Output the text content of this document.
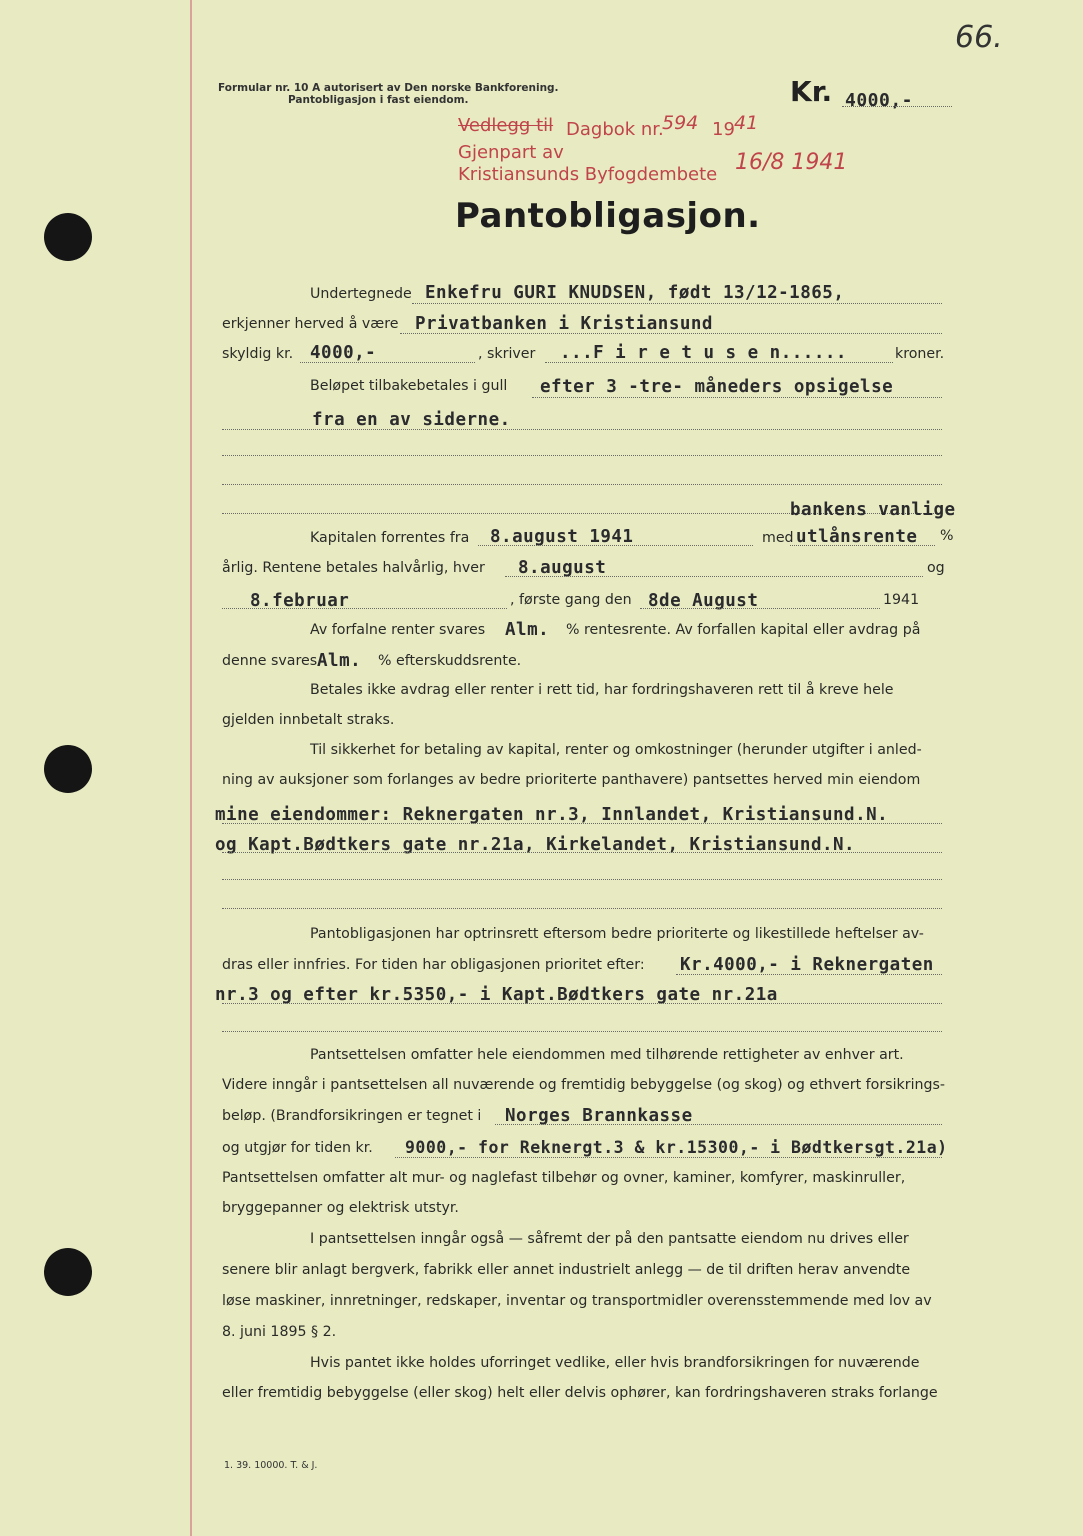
Formular nr. 10 A autorisert av Den norske Bankforening.
Pantobligasjon i fast eiendom.	Kr. 4000,-
66.
Vedlegg til Dagbok nr.
594 19 41
Gjenpart av
Kristiansunds Byfogdembete 16/8 1941
Pantobligasjon.
Undertegnede Enkefru GURI KNUDSEN, født 13/12-1865,
erkjenner herved å være Privatbanken i Kristiansund
skyldig kr. 4000,-	, skriver ...F i r e t u s e n......	kroner.
Beløpet tilbakebetales i gull efter 3 -tre- måneders opsigelse
fra en av siderne.
bankens vanlige
Kapitalen forrentes fra 8.august 1941	med utlånsrente %
årlig. Rentene betales halvårlig, hver 8.august	og
8.februar	, første gang den 8de August	1941
Av forfalne renter svares Alm. % rentesrente. Av forfallen kapital eller avdrag på
denne svares Alm. % efterskuddsrente.
Betales ikke avdrag eller renter i rett tid, har fordringshaveren rett til å kreve hele
gjelden innbetalt straks.
Til sikkerhet for betaling av kapital, renter og omkostninger (herunder utgifter i anled-
ning av auksjoner som forlanges av bedre prioriterte panthavere) pantsettes herved min eiendom
mine eiendommer: Reknergaten nr.3, Innlandet, Kristiansund.N.
og Kapt.Bødtkers gate nr.21a, Kirkelandet, Kristiansund.N.
Pantobligasjonen har optrinsrett eftersom bedre prioriterte og likestillede heftelser av-
dras eller innfries. For tiden har obligasjonen prioritet efter: Kr.4000,- i Reknergaten
nr.3 og efter kr.5350,- i Kapt.Bødtkers gate nr.21a
Pantsettelsen omfatter hele eiendommen med tilhørende rettigheter av enhver art.
Videre inngår i pantsettelsen all nuværende og fremtidig bebyggelse (og skog) og ethvert forsikrings-
beløp. (Brandforsikringen er tegnet i Norges Brannkasse
og utgjør for tiden kr. 9000,- for Reknergt.3 & kr.15300,- i Bødtkersgt.21a)
Pantsettelsen omfatter alt mur- og naglefast tilbehør og ovner, kaminer, komfyrer, maskinruller,
bryggepanner og elektrisk utstyr.
I pantsettelsen inngår også — såfremt der på den pantsatte eiendom nu drives eller
senere blir anlagt bergverk, fabrikk eller annet industrielt anlegg — de til driften herav anvendte
løse maskiner, innretninger, redskaper, inventar og transportmidler overensstemmende med lov av
8. juni 1895 § 2.
Hvis pantet ikke holdes uforringet vedlike, eller hvis brandforsikringen for nuværende
eller fremtidig bebyggelse (eller skog) helt eller delvis ophører, kan fordringshaveren straks forlange
1. 39. 10000. T. & J.
